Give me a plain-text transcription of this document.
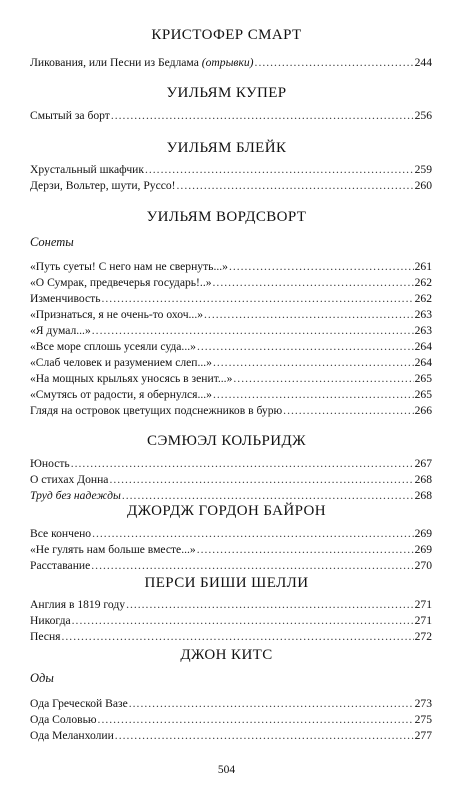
КРИСТОФЕР СМАРТ
Ликования, или Песни из Бедлама (отрывки) .....	244
УИЛЬЯМ КУПЕР
Смытый за борт .....	256
УИЛЬЯМ БЛЕЙК
Хрустальный шкафчик .....	259
Дерзи, Вольтер, шути, Руссо! .....	260
УИЛЬЯМ ВОРДСВОРТ
Сонеты
«Путь суеты! С него нам не свернуть...» .....	261
«О Сумрак, предвечерья государь!..» .....	262
Изменчивость .....	262
«Признаться, я не очень-то охоч...» .....	263
«Я думал...» .....	263
«Все море сплошь усеяли суда...» .....	264
«Слаб человек и разумением слеп...» .....	264
«На мощных крыльях уносясь в зенит...» .....	265
«Смутясь от радости, я обернулся...» .....	265
Глядя на островок цветущих подснежников в бурю .....	266
СЭМЮЭЛ КОЛЬРИДЖ
Юность .....	267
О стихах Донна .....	268
Труд без надежды .....	268
ДЖОРДЖ ГОРДОН БАЙРОН
Все кончено .....	269
«Не гулять нам больше вместе...» .....	269
Расставание .....	270
ПЕРСИ БИШИ ШЕЛЛИ
Англия в 1819 году .....	271
Никогда .....	271
Песня .....	272
ДЖОН КИТС
Оды
Ода Греческой Вазе .....	273
Ода Соловью .....	275
Ода Меланхолии .....	277
504
